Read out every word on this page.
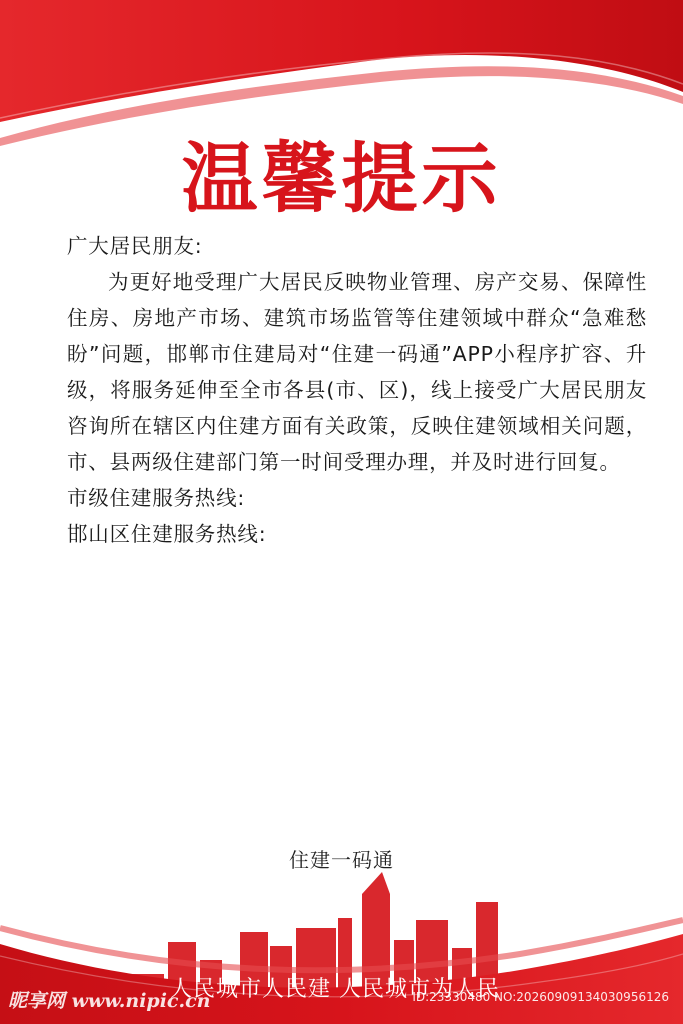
温馨提示
广大居民朋友:
为更好地受理广大居民反映物业管理、房产交易、保障性住房、房地产市场、建筑市场监管等住建领域中群众“急难愁盼”问题，邯郸市住建局对“住建一码通”APP小程序扩容、升级，将服务延伸至全市各县(市、区)，线上接受广大居民朋友咨询所在辖区内住建方面有关政策，反映住建领域相关问题，市、县两级住建部门第一时间受理办理，并及时进行回复。
市级住建服务热线:
邯山区住建服务热线:
住建一码通
人民城市人民建 人民城市为人民
昵享网 www.nipic.cn	ID:23330480 NO:20260909134030956126
